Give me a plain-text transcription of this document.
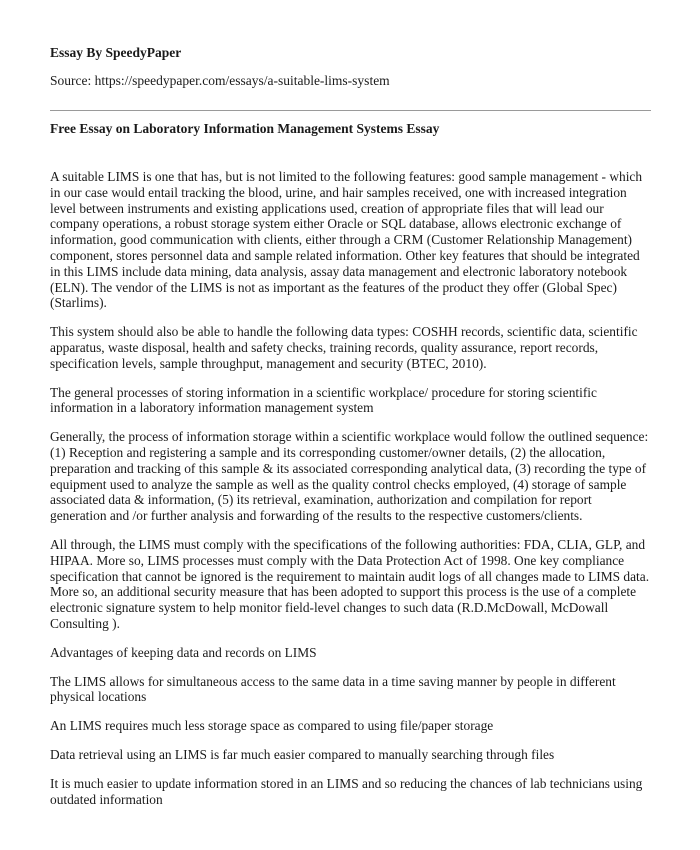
Essay By SpeedyPaper
Source: https://speedypaper.com/essays/a-suitable-lims-system
Free Essay on Laboratory Information Management Systems Essay

A suitable LIMS is one that has, but is not limited to the following features: good sample management - which in our case would entail tracking the blood, urine, and hair samples received, one with increased integration level between instruments and existing applications used, creation of appropriate files that will lead our company operations, a robust storage system either Oracle or SQL database, allows electronic exchange of information, good communication with clients, either through a CRM (Customer Relationship Management) component, stores personnel data and sample related information. Other key features that should be integrated in this LIMS include data mining, data analysis, assay data management and electronic laboratory notebook (ELN). The vendor of the LIMS is not as important as the features of the product they offer (Global Spec) (Starlims).

This system should also be able to handle the following data types: COSHH records, scientific data, scientific apparatus, waste disposal, health and safety checks, training records, quality assurance, report records, specification levels, sample throughput, management and security (BTEC, 2010).

The general processes of storing information in a scientific workplace/ procedure for storing scientific information in a laboratory information management system

Generally, the process of information storage within a scientific workplace would follow the outlined sequence: (1) Reception and registering a sample and its corresponding customer/owner details, (2) the allocation, preparation and tracking of this sample & its associated corresponding analytical data, (3) recording the type of equipment used to analyze the sample as well as the quality control checks employed, (4) storage of sample associated data & information, (5) its retrieval, examination, authorization and compilation for report generation and /or further analysis and forwarding of the results to the respective customers/clients.

All through, the LIMS must comply with the specifications of the following authorities: FDA, CLIA, GLP, and HIPAA. More so, LIMS processes must comply with the Data Protection Act of 1998. One key compliance specification that cannot be ignored is the requirement to maintain audit logs of all changes made to LIMS data. More so, an additional security measure that has been adopted to support this process is the use of a complete electronic signature system to help monitor field-level changes to such data (R.D.McDowall, McDowall Consulting ).

Advantages of keeping data and records on LIMS

The LIMS allows for simultaneous access to the same data in a time saving manner by people in different physical locations

An LIMS requires much less storage space as compared to using file/paper storage

Data retrieval using an LIMS is far much easier compared to manually searching through files

It is much easier to update information stored in an LIMS and so reducing the chances of lab technicians using outdated information
